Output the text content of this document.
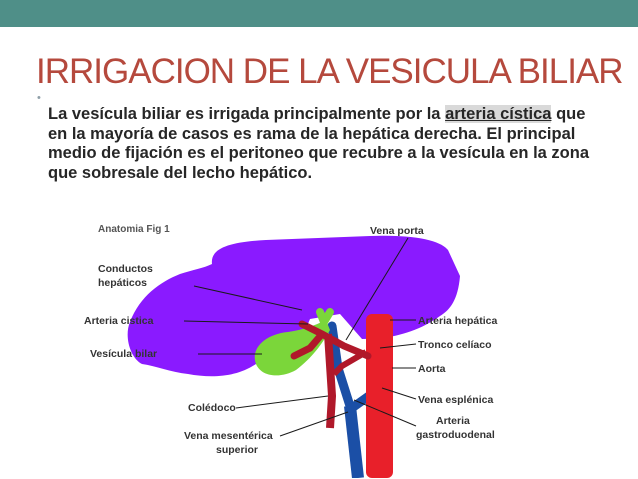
IRRIGACION DE LA VESICULA BILIAR
•

La vesícula biliar es irrigada principalmente por la arteria cística que en la mayoría de casos es rama de la hepática derecha. El principal medio de fijación es el peritoneo que recubre a la vesícula en la zona que sobresale del lecho hepático.

Anatomia Fig 1
Conductos
hepáticos
Arteria cistica
Vesícula bilar
Colédoco
Vena mesentérica
superior
Vena porta
Arteria hepática
Tronco celíaco
Aorta
Vena esplénica
Arteria
gastroduodenal
